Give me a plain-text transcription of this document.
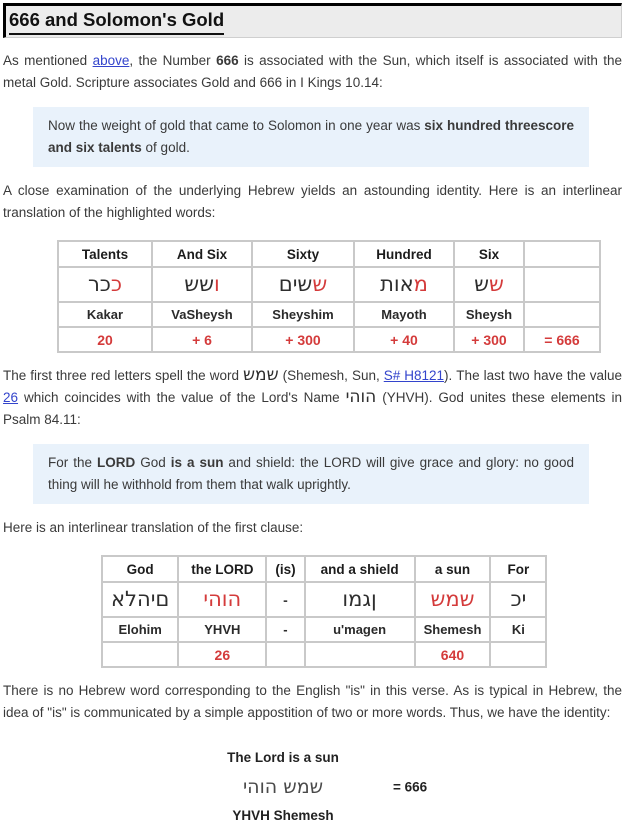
666 and Solomon's Gold

As mentioned above, the Number 666 is associated with the Sun, which itself is associated with the metal Gold. Scripture associates Gold and 666 in I Kings 10.14:

Now the weight of gold that came to Solomon in one year was six hundred threescore and six talents of gold.

A close examination of the underlying Hebrew yields an astounding identity. Here is an interlinear translation of the highlighted words:

Talents	And Six	Sixty	Hundred	Six	
רככ	ששו	םישש	תואמ	שש	
Kakar	VaSheysh	Sheyshim	Mayoth	Sheysh	
20	+ 6	+ 300	+ 40	+ 300	= 666

The first three red letters spell the word שמש (Shemesh, Sun, S# H8121). The last two have the value 26 which coincides with the value of the Lord's Name יהוה (YHVH). God unites these elements in Psalm 84.11:

For the LORD God is a sun and shield: the LORD will give grace and glory: no good thing will he withhold from them that walk uprightly.

Here is an interlinear translation of the first clause:

God	the LORD	(is)	and a shield	a sun	For
אלהים	יהוה	-	ומגן	שמש	כי
Elohim	YHVH	-	u'magen	Shemesh	Ki
	26			640	

There is no Hebrew word corresponding to the English "is" in this verse. As is typical in Hebrew, the idea of "is" is communicated by a simple appostition of two or more words. Thus, we have the identity:

The Lord is a sun
יהוה שמש	= 666
YHVH Shemesh
